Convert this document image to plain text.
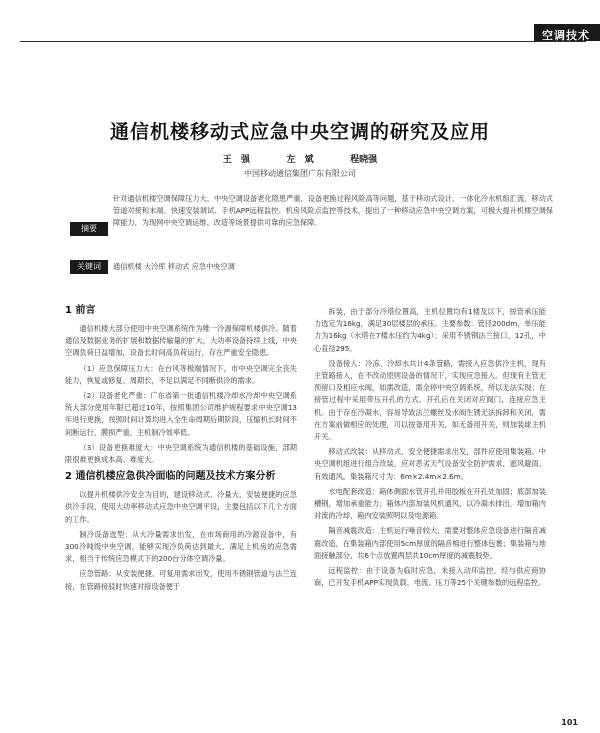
空调技术
通信机楼移动式应急中央空调的研究及应用
王 强	左 斌	程晓强
中国移动通信集团广东有限公司
摘要
针对通信机楼空调保障压力大、中央空调设备老化隐患严重、设备更换过程风险高等问题，基于移动式设计、一体化冷水机组汇流、移动式管道对接和末端、快速安装调试、手机APP远程监控、机房风险点监控等技术，提出了一种移动应急中央空调方案，可极大提升机楼空调保障能力，为现网中央空调运维、改造等场景提供可靠的应急保障。
关键词	通信机楼 大冷库 移动式 应急中央空调
1 前言

通信机楼大部分使用中央空调系统作为唯一冷源保障机楼供冷。随着通信及数据业务的扩展和数据传输量的扩大，大功率设备持续上线，中央空调负荷日益增加，设备长时间高负荷运行，存在严重安全隐患。

（1）应急保障压力大：在台风等极端情况下，市中央空调完全丧失能力，恢复或修复、周期长，不足以满足不同断供冷的需求。

（2）设备老化严重：广东省第一批通信机楼冷却水冷却中央空调系统大部分使用年限已超过10年，按照集团公司维护规程要求中央空调13年进行更换，按照时间计算均进入全生命周期后期阶段，压缩机长时间不间断运行，膜损严重，主机制冷效率低。

（3）设备更换难度大：中央空调系统为通信机楼的基础设施，部期限很难更换成本高、难度大。

2 通信机楼应急供冷面临的问题及技术方案分析

以提升机楼供冷安全为目的，建设移动式、冷量大、安装便捷的应急供冷手段，使用大功率移动式应急中央空调平设，主要包括以下几个方面的工作。

制冷设备选型：从大冷量需求出发，在市场商用的冷源设备中，有300冷吨级中央空调，能够实现冷负荷达到最大、满足上机房的应急需求，相当于传统应急模式下的200台分体空调冷量。

应急管路：从安装便捷、可复用需求出发，使用不锈钢管道与法兰连接，在管路接驳时快速对接设备便于

拆装，由于部分冷塔位置高，主机位置均有1楼及以下，按管承压能力选定为16kg，满足30层楼层的承压。主要参数：管径200dm，单压能力为16kg（水塔在7楼水压约为4kg）；采用不锈钢法兰接口、12孔，中心直径295。

设备接入：冷冻、冷却水共计4条管路，需接入应急供冷主机，现有主管路接入，在不改动原则设备的情况下，实现应急接入。但现有主管无预留口及相应水阀，如需改造，需全停中央空调系统，所以无法实现；在接管过程中采用带压开孔的方式，开孔后在关闭对应阀门，连接应急主机。由于存在冷凝水，容易导致法兰螺丝及水阀生锈无法拆卸和关闭，需在方案前做相应的处理，可以按备用开关，如无备用开关，则加装球主机开关。

移动式改装：从移动式、安全便捷需求出发，部件应使用集装箱、中央空调机组进行组合改装，应对恶劣天气设备安全防护需求，遮风避雨、有效通风。集装箱尺寸为：6m×2.4m×2.6m。

水电配套改造：箱体侧面水管开孔并用胶板在开孔处加固；底部加装槽钢，增加承重能力；箱体内部加装风机通风，以冷凝水排出，增加箱内对流的冷却，箱内安装照明以及电源箱。

隔音减震改造：主机运行噪音较大，需要对整体应急设备进行隔音减震改造，在集装箱内部使用5cm厚度的隔音棉进行整体包裹；集装箱与地面接触部分，共6个点放置两层共10cm厚度的减震胶垫。

远程监控：由于设备为临时应急，未接入动环监控，经与供应商协商，已开发手机APP实现负载、电流、压力等25个关键参数的远程监控。

101
